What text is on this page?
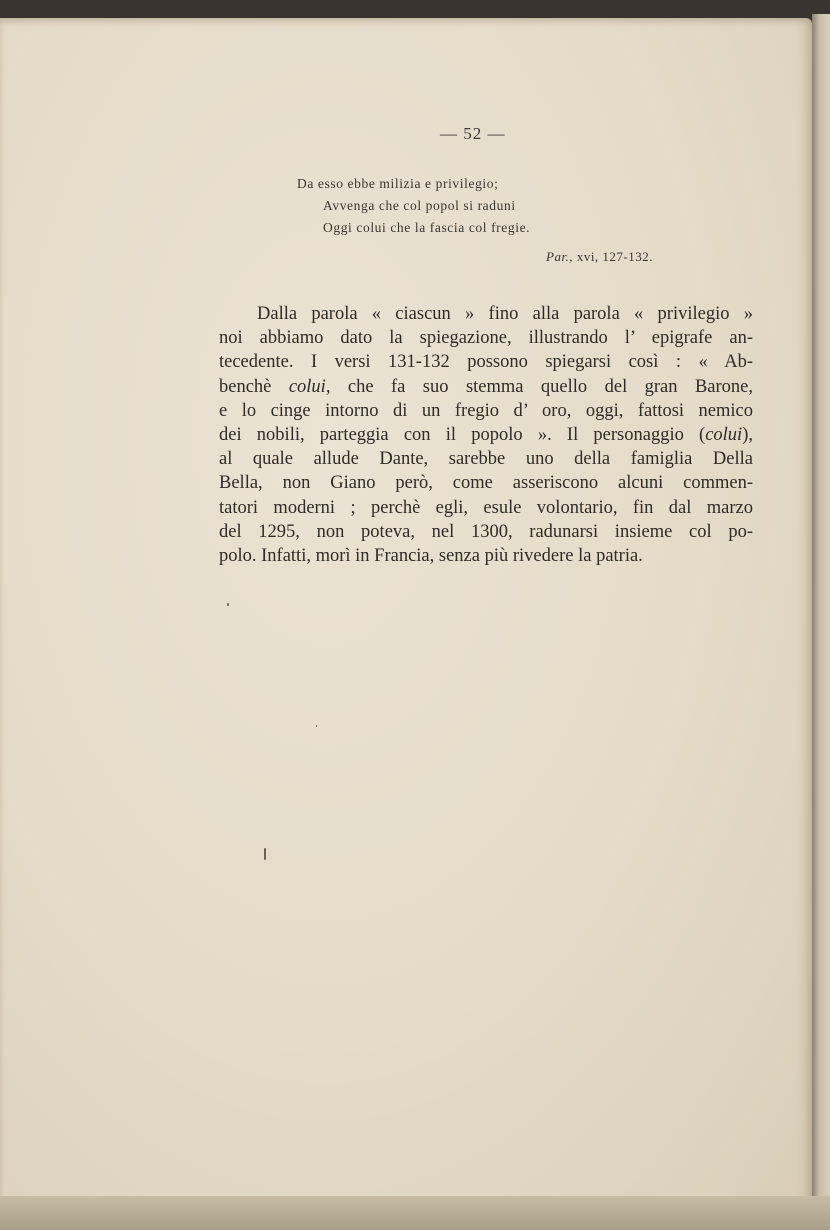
— 52 —
Da esso ebbe milizia e privilegio;
Avvenga che col popol si raduni
Oggi colui che la fascia col fregie.
Par., xvi, 127-132.
Dalla parola « ciascun » fino alla parola « privilegio »
noi abbiamo dato la spiegazione, illustrando l’ epigrafe an-
tecedente. I versi 131-132 possono spiegarsi così : « Ab-
benchè colui, che fa suo stemma quello del gran Barone,
e lo cinge intorno di un fregio d’ oro, oggi, fattosi nemico
dei nobili, parteggia con il popolo ». Il personaggio (colui),
al quale allude Dante, sarebbe uno della famiglia Della
Bella, non Giano però, come asseriscono alcuni commen-
tatori moderni ; perchè egli, esule volontario, fin dal marzo
del 1295, non poteva, nel 1300, radunarsi insieme col po-
polo. Infatti, morì in Francia, senza più rivedere la patria.
